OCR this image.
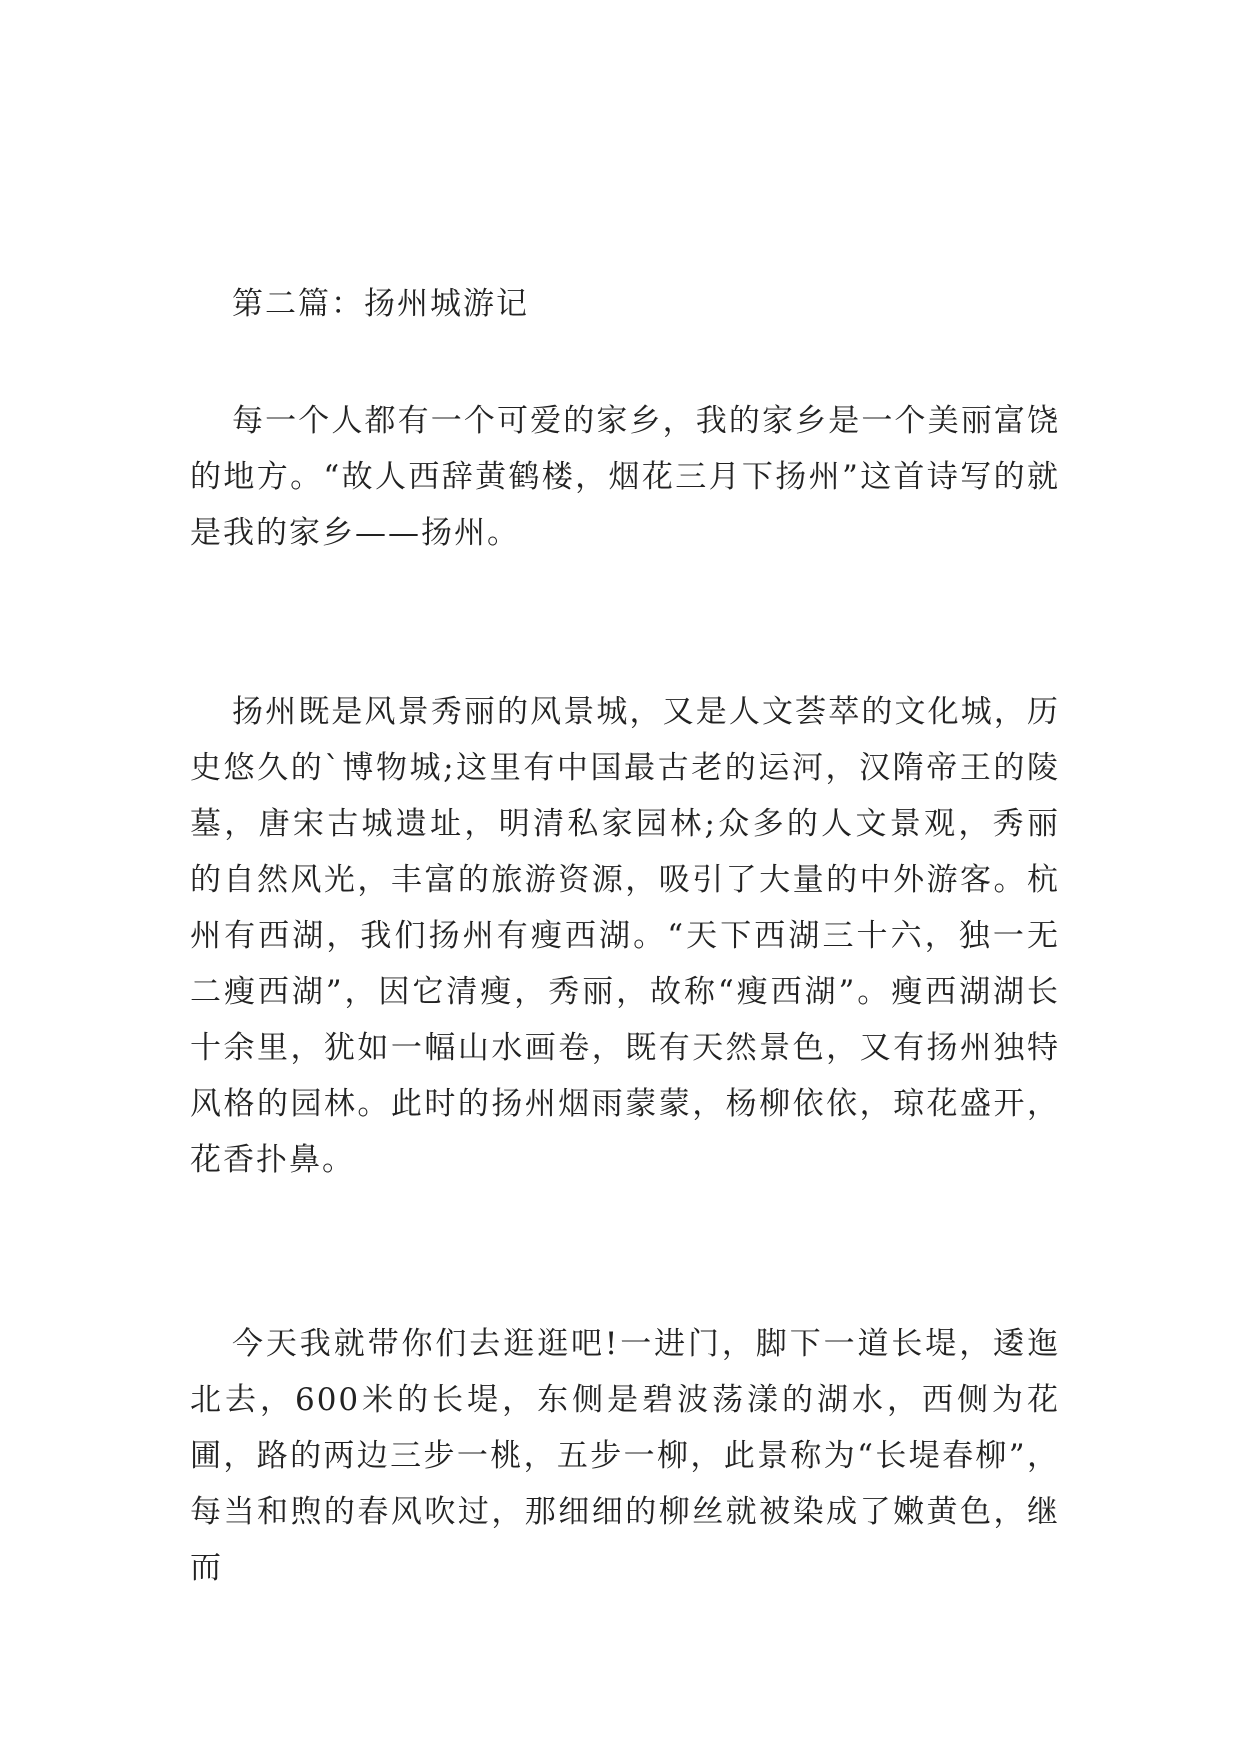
第二篇：扬州城游记

每一个人都有一个可爱的家乡，我的家乡是一个美丽富饶的地方。“故人西辞黄鹤楼，烟花三月下扬州”这首诗写的就是我的家乡——扬州。

扬州既是风景秀丽的风景城，又是人文荟萃的文化城，历史悠久的`博物城;这里有中国最古老的运河，汉隋帝王的陵墓，唐宋古城遗址，明清私家园林;众多的人文景观，秀丽的自然风光，丰富的旅游资源，吸引了大量的中外游客。杭州有西湖，我们扬州有瘦西湖。“天下西湖三十六，独一无二瘦西湖”，因它清瘦，秀丽，故称“瘦西湖”。瘦西湖湖长十余里，犹如一幅山水画卷，既有天然景色，又有扬州独特风格的园林。此时的扬州烟雨蒙蒙，杨柳依依，琼花盛开，花香扑鼻。

今天我就带你们去逛逛吧!一进门，脚下一道长堤，逶迤北去，600米的长堤，东侧是碧波荡漾的湖水，西侧为花圃，路的两边三步一桃，五步一柳，此景称为“长堤春柳”，每当和煦的春风吹过，那细细的柳丝就被染成了嫩黄色，继而
